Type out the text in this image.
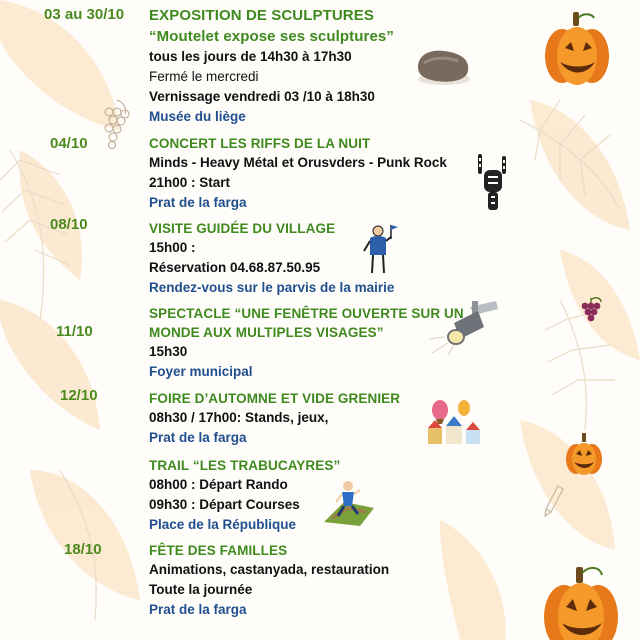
03 au 30/10 EXPOSITION DE SCULPTURES
“Moutelet expose ses sculptures”
tous les jours de 14h30 à 17h30
Fermé le mercredi
Vernissage vendredi 03 /10 à 18h30
Musée du liège
04/10	CONCERT LES RIFFS DE LA NUIT
Minds - Heavy Métal et Orusvders - Punk Rock
21h00 : Start
Prat de la farga
08/10	VISITE GUIDÉE DU VILLAGE
15h00 :
Réservation 04.68.87.50.95
Rendez-vous sur le parvis de la mairie
11/10
SPECTACLE “UNE FENÊTRE OUVERTE SUR UN
MONDE AUX MULTIPLES VISAGES”
15h30
Foyer municipal
12/10	FOIRE D’AUTOMNE ET VIDE GRENIER
08h30 / 17h00: Stands, jeux,
Prat de la farga
TRAIL “LES TRABUCAYRES”
08h00 : Départ Rando
09h30 : Départ Courses
Place de la République
18/10	FÊTE DES FAMILLES
Animations, castanyada, restauration
Toute la journée
Prat de la farga
